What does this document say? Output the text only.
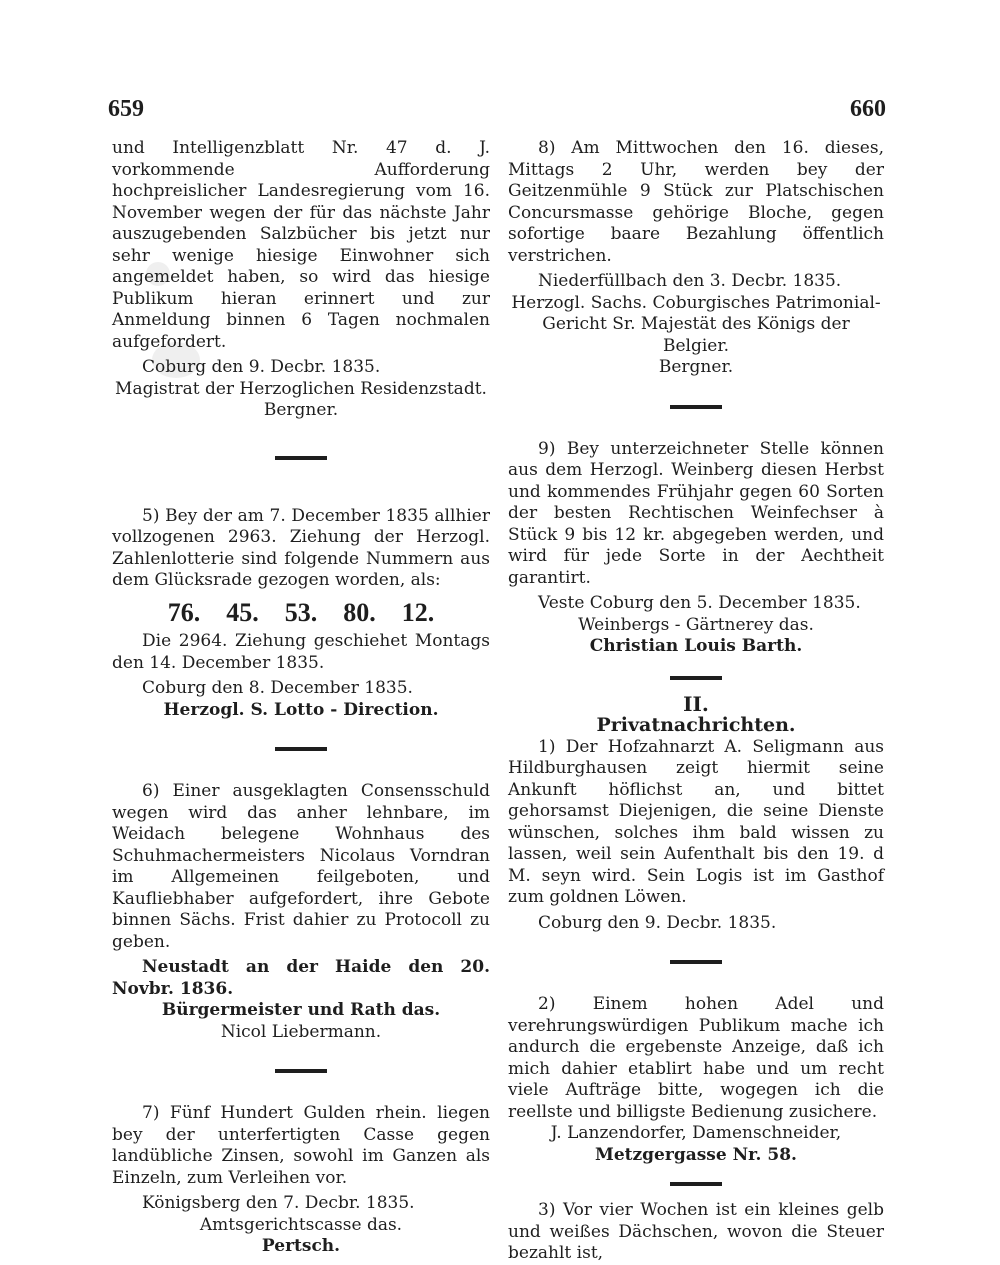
659	660

und Intelligenzblatt Nr. 47 d. J. vorkommende Aufforderung hochpreislicher Landesregierung vom 16. November wegen der für das nächste Jahr auszugebenden Salzbücher bis jetzt nur sehr wenige hiesige Einwohner sich angemeldet haben, so wird das hiesige Publikum hieran erinnert und zur Anmeldung binnen 6 Tagen nochmalen aufgefordert.

Coburg den 9. Decbr. 1835.

Magistrat der Herzoglichen Residenzstadt.

Bergner.

5) Bey der am 7. December 1835 allhier vollzogenen 2963. Ziehung der Herzogl. Zahlenlotterie sind folgende Nummern aus dem Glücksrade gezogen worden, als:

76. 45. 53. 80. 12.

Die 2964. Ziehung geschiehet Montags den 14. December 1835.

Coburg den 8. December 1835.

Herzogl. S. Lotto - Direction.

6) Einer ausgeklagten Consensschuld wegen wird das anher lehnbare, im Weidach belegene Wohnhaus des Schuhmachermeisters Nicolaus Vorndran im Allgemeinen feilgeboten, und Kaufliebhaber aufgefordert, ihre Gebote binnen Sächs. Frist dahier zu Protocoll zu geben.

Neustadt an der Haide den 20. Novbr. 1836.

Bürgermeister und Rath das.

Nicol Liebermann.

7) Fünf Hundert Gulden rhein. liegen bey der unterfertigten Casse gegen landübliche Zinsen, sowohl im Ganzen als Einzeln, zum Verleihen vor.

Königsberg den 7. Decbr. 1835.

Amtsgerichtscasse das.

Pertsch.

8) Am Mittwochen den 16. dieses, Mittags 2 Uhr, werden bey der Geitzenmühle 9 Stück zur Platschischen Concursmasse gehörige Bloche, gegen sofortige baare Bezahlung öffentlich verstrichen.

Niederfüllbach den 3. Decbr. 1835.

Herzogl. Sachs. Coburgisches Patrimonial-Gericht Sr. Majestät des Königs der Belgier.

Bergner.

9) Bey unterzeichneter Stelle können aus dem Herzogl. Weinberg diesen Herbst und kommendes Frühjahr gegen 60 Sorten der besten Rechtischen Weinfechser à Stück 9 bis 12 kr. abgegeben werden, und wird für jede Sorte in der Aechtheit garantirt.

Veste Coburg den 5. December 1835.

Weinbergs - Gärtnerey das.

Christian Louis Barth.

II.

Privatnachrichten.

1) Der Hofzahnarzt A. Seligmann aus Hildburghausen zeigt hiermit seine Ankunft höflichst an, und bittet gehorsamst Diejenigen, die seine Dienste wünschen, solches ihm bald wissen zu lassen, weil sein Aufenthalt bis den 19. d M. seyn wird. Sein Logis ist im Gasthof zum goldnen Löwen.

Coburg den 9. Decbr. 1835.

2) Einem hohen Adel und verehrungswürdigen Publikum mache ich andurch die ergebenste Anzeige, daß ich mich dahier etablirt habe und um recht viele Aufträge bitte, wogegen ich die reellste und billigste Bedienung zusichere.

J. Lanzendorfer, Damenschneider,

Metzgergasse Nr. 58.

3) Vor vier Wochen ist ein kleines gelb und weißes Dächschen, wovon die Steuer bezahlt ist,
